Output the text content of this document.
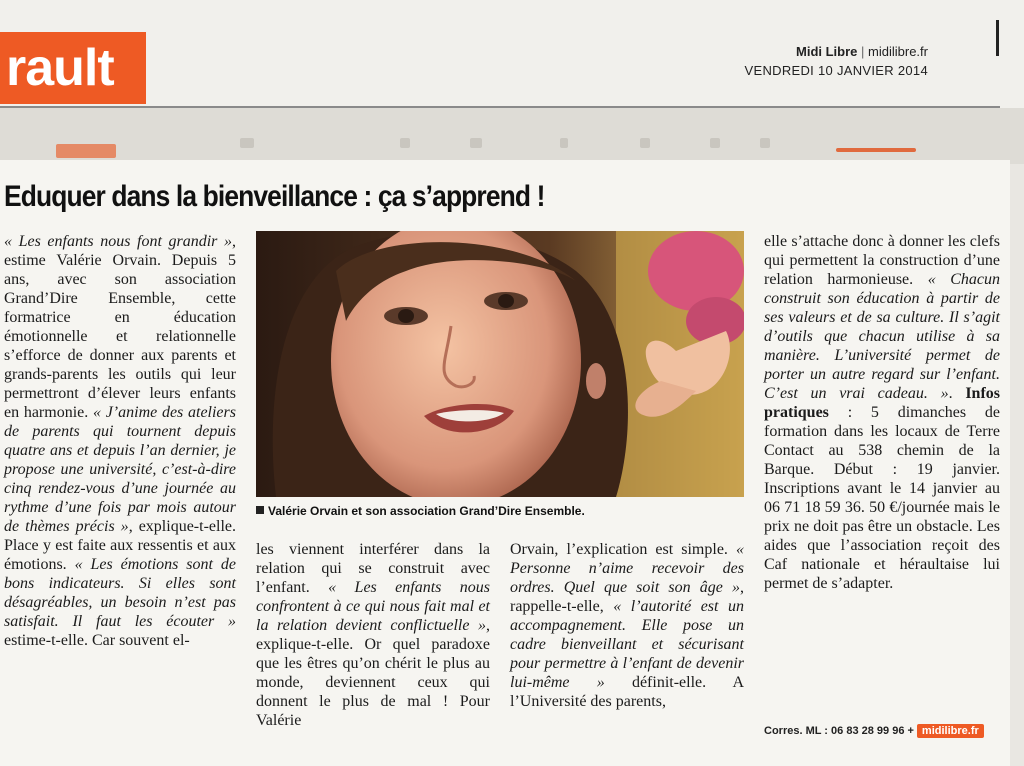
rault	Midi Libre | midilibre.fr
VENDREDI 10 JANVIER 2014
Eduquer dans la bienveillance : ça s’apprend !
« Les enfants nous font grandir », estime Valérie Orvain. Depuis 5 ans, avec son association Grand’Dire Ensemble, cette formatrice en éducation émotionnelle et relationnelle s’efforce de donner aux parents et grands-parents les outils qui leur permettront d’élever leurs enfants en harmonie. « J’anime des ateliers de parents qui tournent depuis quatre ans et depuis l’an dernier, je propose une université, c’est-à-dire cinq rendez-vous d’une journée au rythme d’une fois par mois autour de thèmes précis », explique-t-elle. Place y est faite aux ressentis et aux émotions. « Les émotions sont de bons indicateurs. Si elles sont désagréables, un besoin n’est pas satisfait. Il faut les écouter » estime-t-elle. Car souvent el-
Valérie Orvain et son association Grand’Dire Ensemble.
les viennent interférer dans la relation qui se construit avec l’enfant. « Les enfants nous confrontent à ce qui nous fait mal et la relation devient conflictuelle », explique-t-elle. Or quel paradoxe que les êtres qu’on chérit le plus au monde, deviennent ceux qui donnent le plus de mal ! Pour Valérie
Orvain, l’explication est simple. « Personne n’aime recevoir des ordres. Quel que soit son âge », rappelle-t-elle, « l’autorité est un accompagnement. Elle pose un cadre bienveillant et sécurisant pour permettre à l’enfant de devenir lui-même » définit-elle. A l’Université des parents,
elle s’attache donc à donner les clefs qui permettent la construction d’une relation harmonieuse. « Chacun construit son éducation à partir de ses valeurs et de sa culture. Il s’agit d’outils que chacun utilise à sa manière. L’université permet de porter un autre regard sur l’enfant. C’est un vrai cadeau. ». Infos pratiques : 5 dimanches de formation dans les locaux de Terre Contact au 538 chemin de la Barque. Début : 19 janvier. Inscriptions avant le 14 janvier au 06 71 18 59 36. 50 €/journée mais le prix ne doit pas être un obstacle. Les aides que l’association reçoit des Caf nationale et héraultaise lui permet de s’adapter.
Corres. ML : 06 83 28 99 96 + midilibre.fr
